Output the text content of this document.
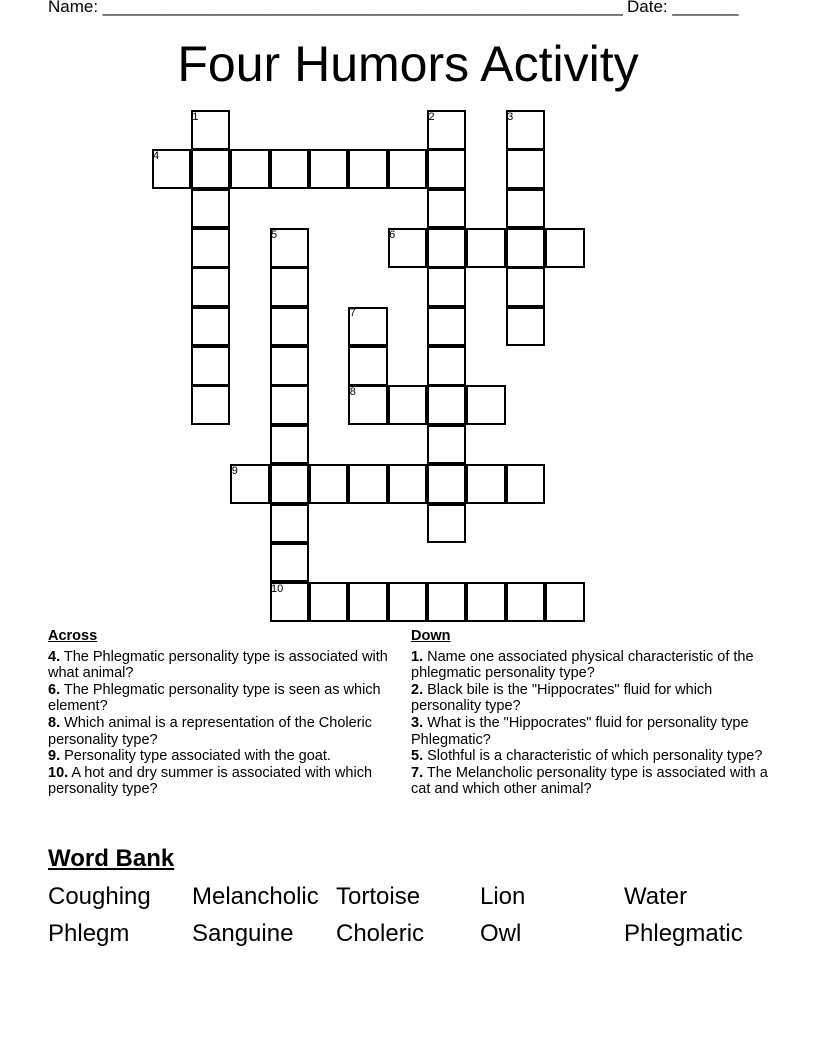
Name: _______________________________________________________ Date: _______
Four Humors Activity
1	2	3
4
5	6
7
8
9
10
Across
4. The Phlegmatic personality type is associated with what animal?
6. The Phlegmatic personality type is seen as which element?
8. Which animal is a representation of the Choleric personality type?
9. Personality type associated with the goat.
10. A hot and dry summer is associated with which personality type?
Down
1. Name one associated physical characteristic of the phlegmatic personality type?
2. Black bile is the "Hippocrates" fluid for which personality type?
3. What is the "Hippocrates" fluid for personality type Phlegmatic?
5. Slothful is a characteristic of which personality type?
7. The Melancholic personality type is associated with a cat and which other animal?
Word Bank
Coughing Melancholic Tortoise Lion	Water
Phlegm	Sanguine Choleric Owl	Phlegmatic
